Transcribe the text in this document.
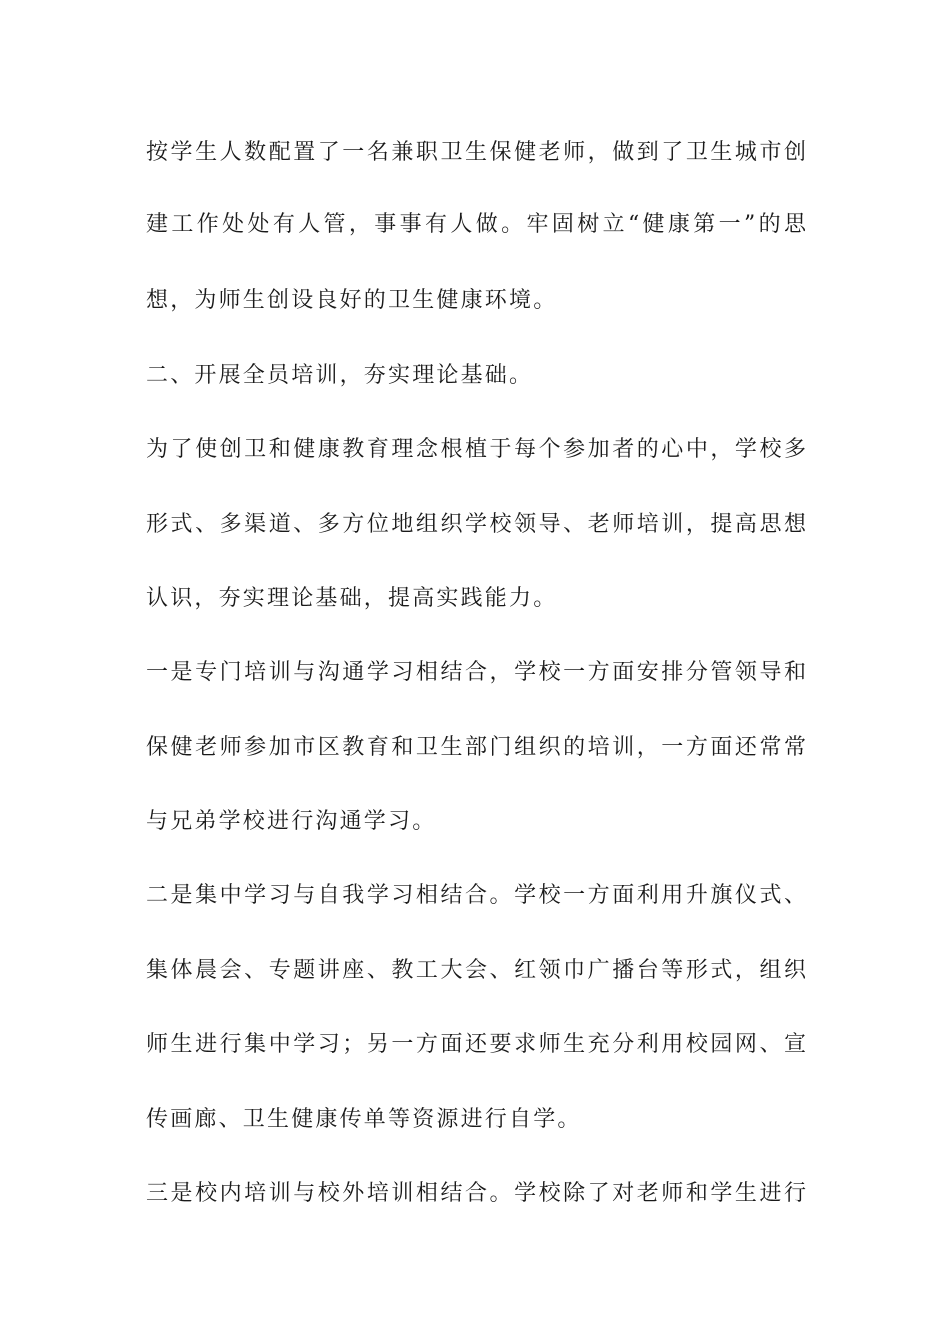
按学生人数配置了一名兼职卫生保健老师，做到了卫生城市创
建工作处处有人管，事事有人做。牢固树立“健康第一”的思
想，为师生创设良好的卫生健康环境。
二、开展全员培训，夯实理论基础。
为了使创卫和健康教育理念根植于每个参加者的心中，学校多
形式、多渠道、多方位地组织学校领导、老师培训，提高思想
认识，夯实理论基础，提高实践能力。
一是专门培训与沟通学习相结合，学校一方面安排分管领导和
保健老师参加市区教育和卫生部门组织的培训，一方面还常常
与兄弟学校进行沟通学习。
二是集中学习与自我学习相结合。学校一方面利用升旗仪式、
集体晨会、专题讲座、教工大会、红领巾广播台等形式，组织
师生进行集中学习；另一方面还要求师生充分利用校园网、宣
传画廊、卫生健康传单等资源进行自学。
三是校内培训与校外培训相结合。学校除了对老师和学生进行
